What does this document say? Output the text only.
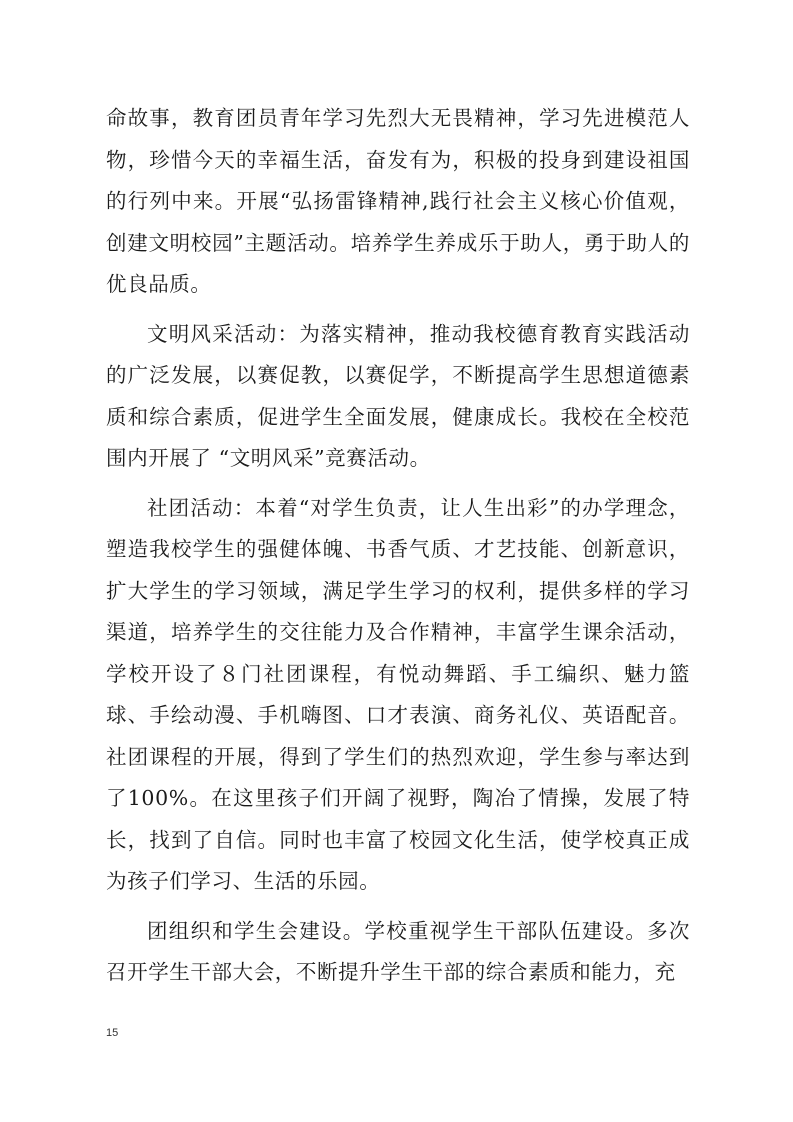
命故事，教育团员青年学习先烈大无畏精神，学习先进模范人物，珍惜今天的幸福生活，奋发有为，积极的投身到建设祖国的行列中来。开展“弘扬雷锋精神,践行社会主义核心价值观，创建文明校园”主题活动。培养学生养成乐于助人，勇于助人的优良品质。

文明风采活动：为落实精神，推动我校德育教育实践活动的广泛发展，以赛促教，以赛促学，不断提高学生思想道德素质和综合素质，促进学生全面发展，健康成长。我校在全校范围内开展了 “文明风采”竞赛活动。

社团活动：本着“对学生负责，让人生出彩”的办学理念，塑造我校学生的强健体魄、书香气质、才艺技能、创新意识，扩大学生的学习领域，满足学生学习的权利，提供多样的学习渠道，培养学生的交往能力及合作精神，丰富学生课余活动，学校开设了８门社团课程，有悦动舞蹈、手工编织、魅力篮球、手绘动漫、手机嗨图、口才表演、商务礼仪、英语配音。社团课程的开展，得到了学生们的热烈欢迎，学生参与率达到了100%。在这里孩子们开阔了视野，陶冶了情操，发展了特长，找到了自信。同时也丰富了校园文化生活，使学校真正成为孩子们学习、生活的乐园。

团组织和学生会建设。学校重视学生干部队伍建设。多次召开学生干部大会，不断提升学生干部的综合素质和能力，充

15
